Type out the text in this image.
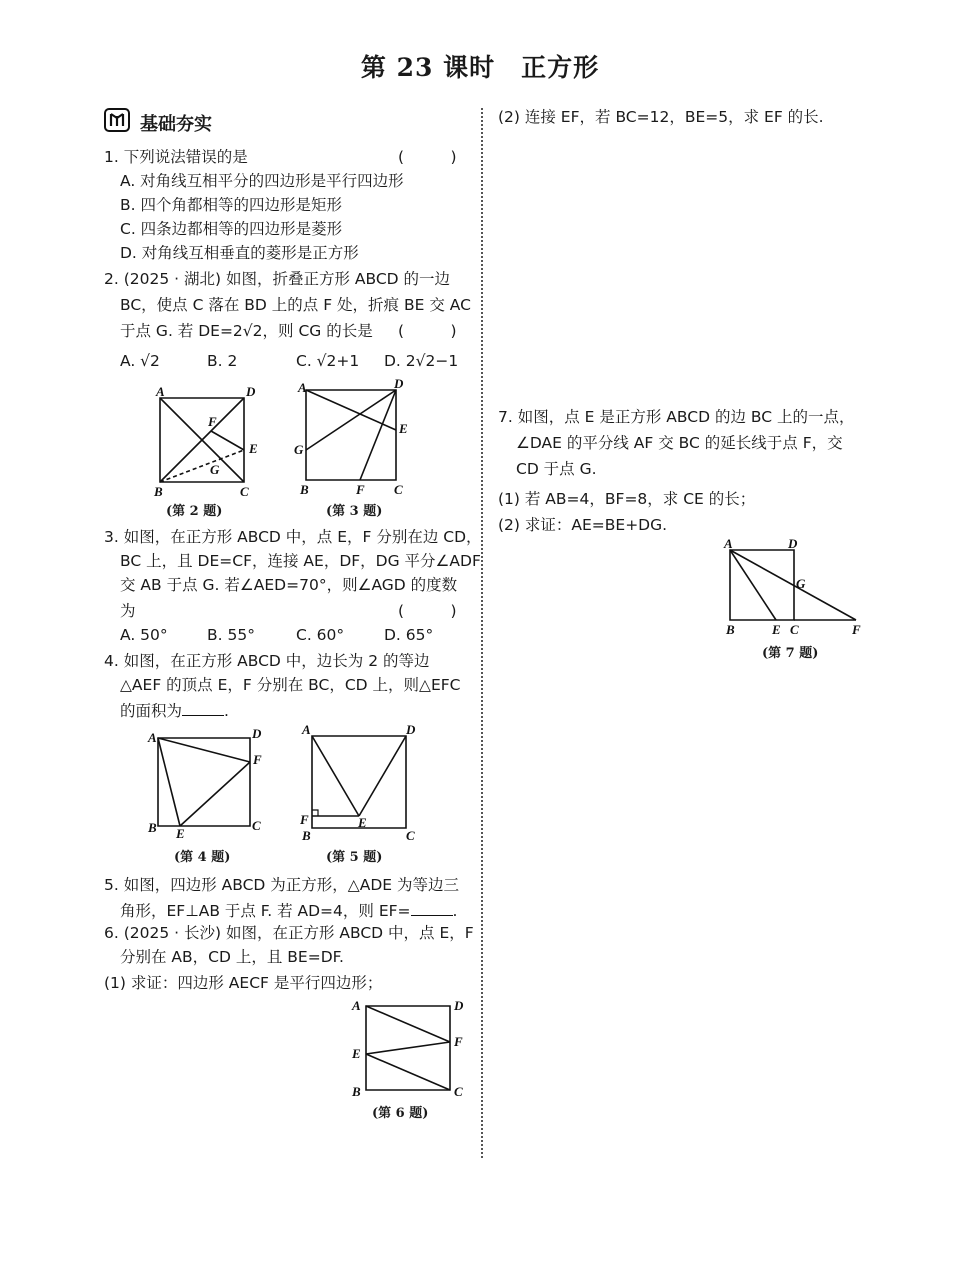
第 23 课时　正方形
基础夯实
1. 下列说法错误的是	(　　　)
A. 对角线互相平分的四边形是平行四边形
B. 四个角都相等的四边形是矩形
C. 四条边都相等的四边形是菱形
D. 对角线互相垂直的菱形是正方形
2. (2025 · 湖北) 如图，折叠正方形 ABCD 的一边
BC，使点 C 落在 BD 上的点 F 处，折痕 BE 交 AC
于点 G. 若 DE=2√2，则 CG 的长是 (　　　)
A. √2	B. 2	C. √2+1 D. 2√2−1
A	D
F
E
G
B	C
(第 2 题)
A	D
E
G
B	F C
(第 3 题)
3. 如图，在正方形 ABCD 中，点 E，F 分别在边 CD，
BC 上，且 DE=CF，连接 AE，DF，DG 平分∠ADF
交 AB 于点 G. 若∠AED=70°，则∠AGD 的度数
为	(　　　)
A. 50°	B. 55°	C. 60°	D. 65°
4. 如图，在正方形 ABCD 中，边长为 2 的等边
△AEF 的顶点 E，F 分别在 BC，CD 上，则△EFC
的面积为	.
A	D
F
B E
C
(第 4 题)
A	D
F	E
B	C
(第 5 题)
5. 如图，四边形 ABCD 为正方形，△ADE 为等边三
角形，EF⊥AB 于点 F. 若 AD=4，则 EF=	.
6. (2025 · 长沙) 如图，在正方形 ABCD 中，点 E，F
分别在 AB，CD 上，且 BE=DF.
(1) 求证：四边形 AECF 是平行四边形；
A	D
E
F
B	C
(第 6 题)
(2) 连接 EF，若 BC=12，BE=5，求 EF 的长.
7. 如图，点 E 是正方形 ABCD 的边 BC 上的一点，
∠DAE 的平分线 AF 交 BC 的延长线于点 F，交
CD 于点 G.
(1) 若 AB=4，BF=8，求 CE 的长；
(2) 求证：AE=BE+DG.
A	D
G
B	E C	F
(第 7 题)
